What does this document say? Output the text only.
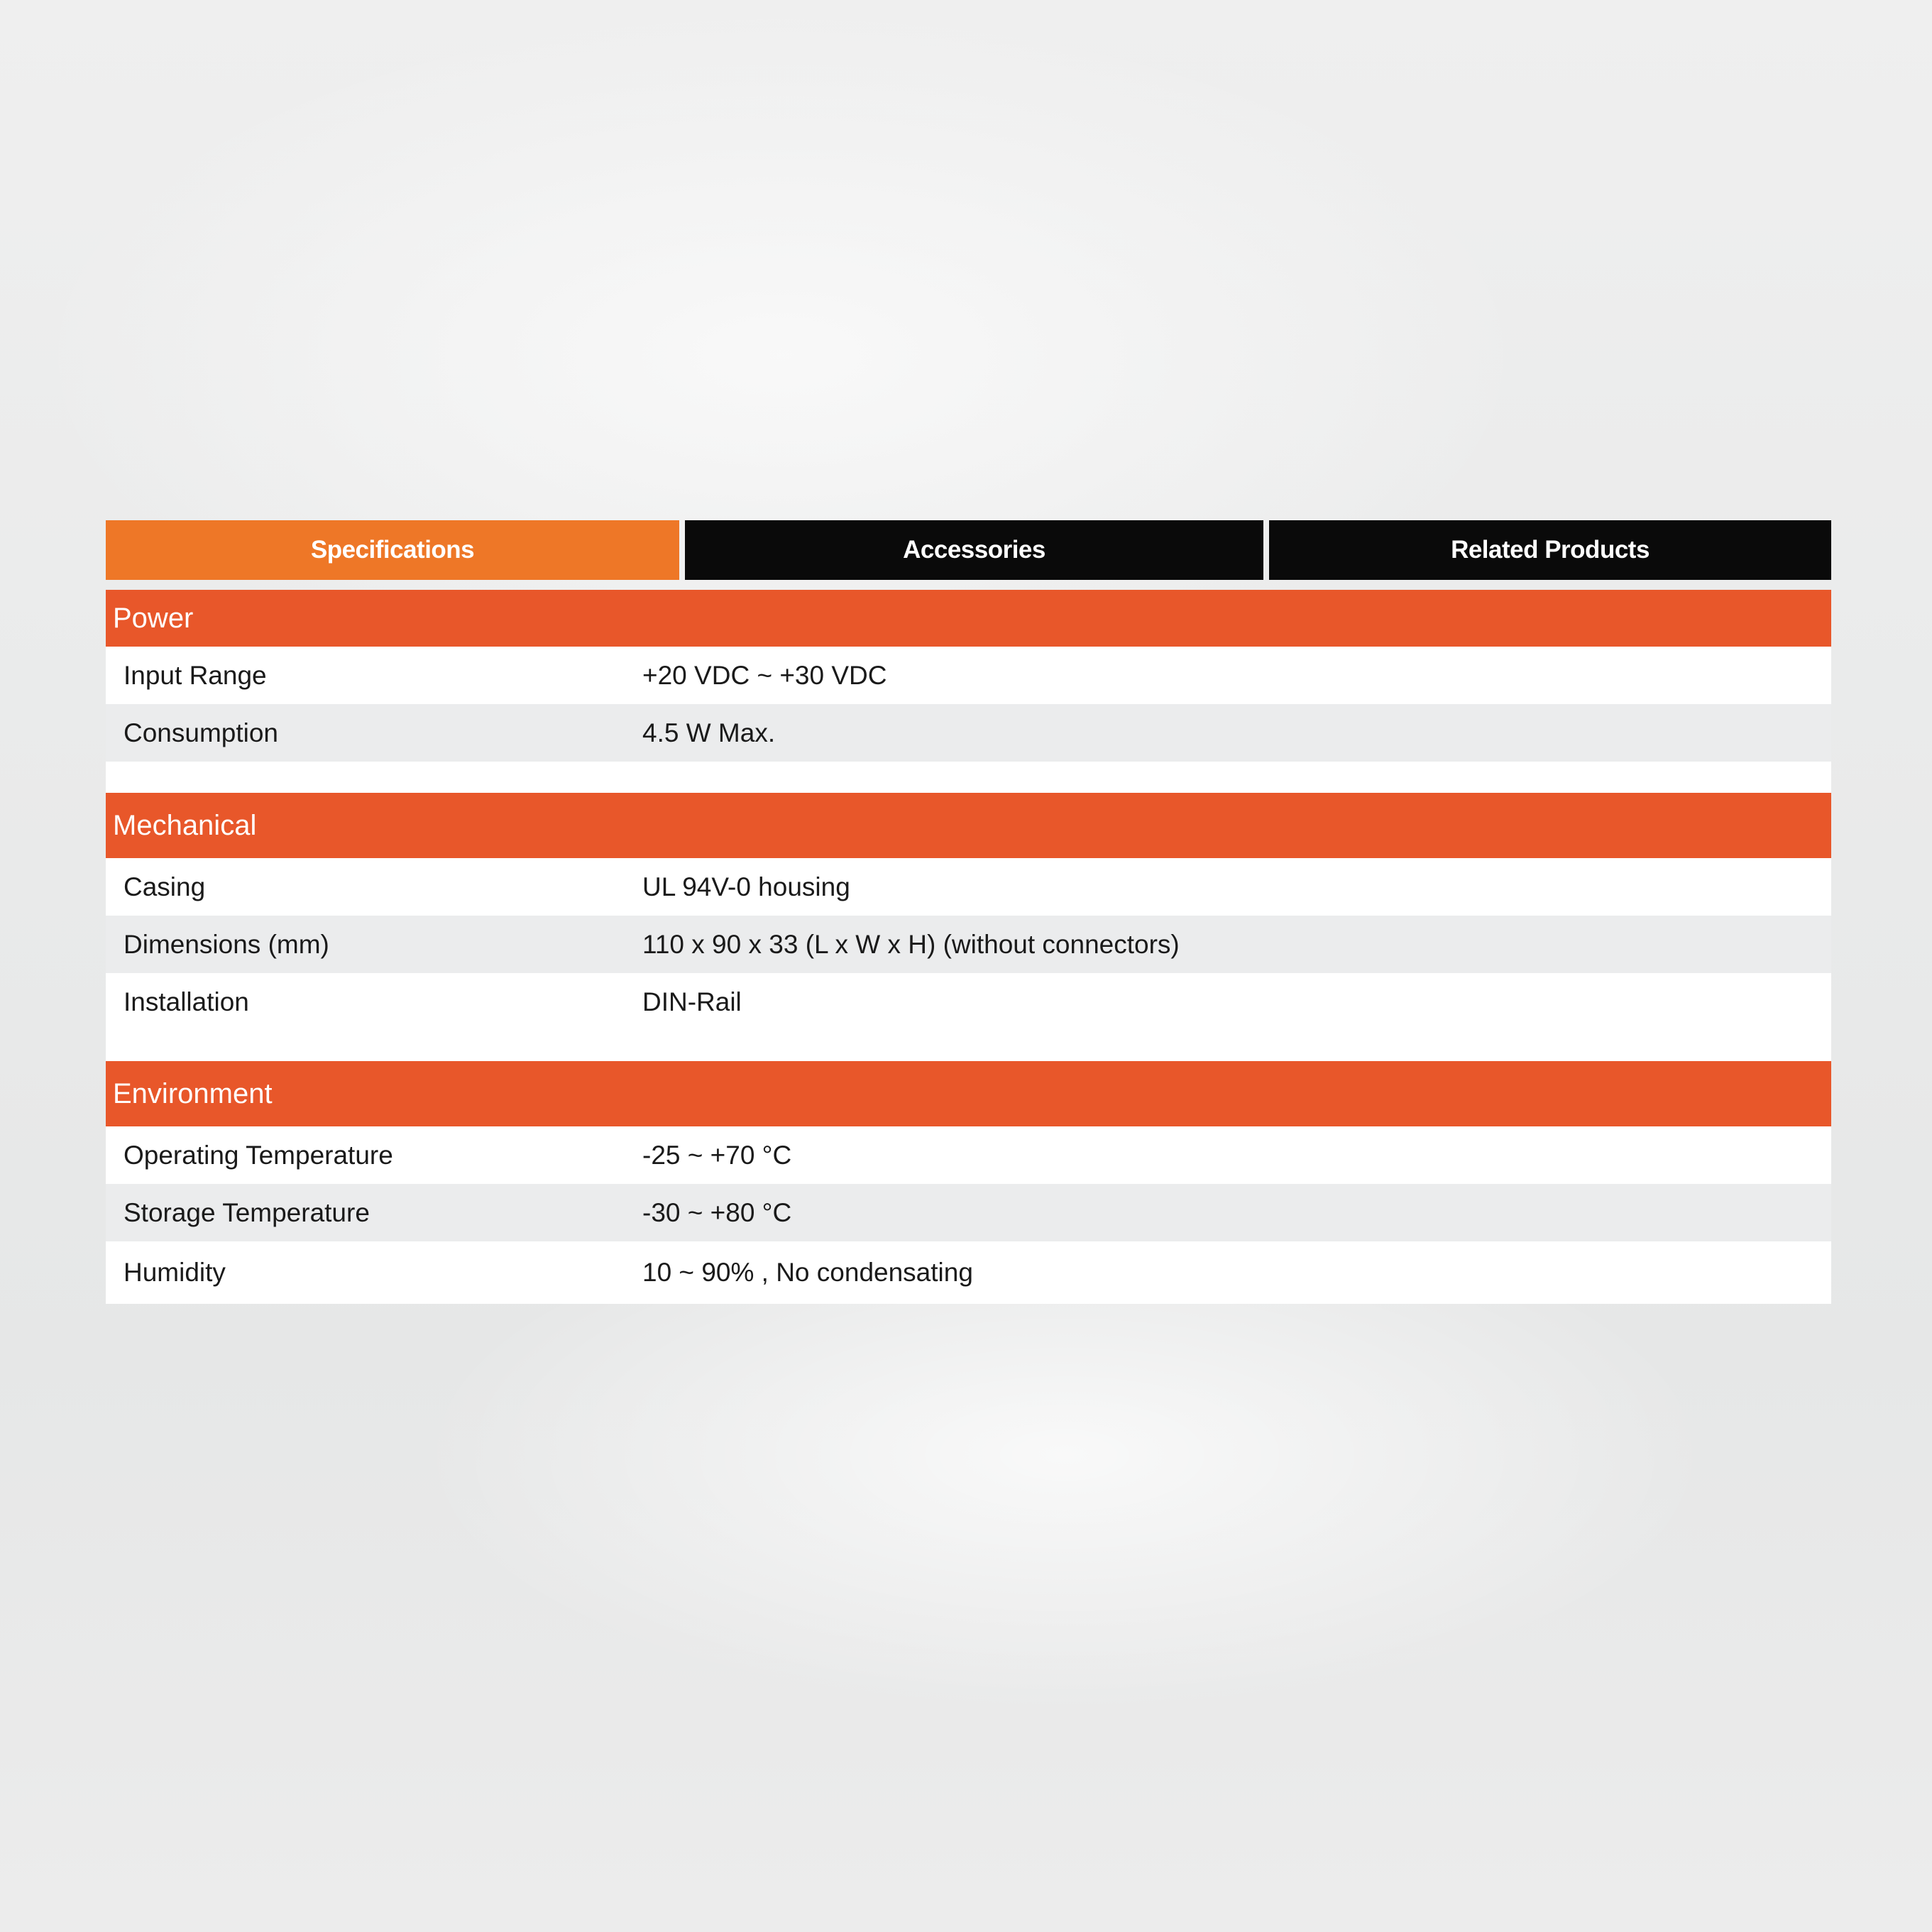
Specifications	Accessories	Related Products
Power
Input Range	+20 VDC ~ +30 VDC
Consumption	4.5 W Max.
Mechanical
Casing	UL 94V-0 housing
Dimensions (mm)	110 x 90 x 33 (L x W x H) (without connectors)
Installation	DIN-Rail
Environment
Operating Temperature	-25 ~ +70 °C
Storage Temperature	-30 ~ +80 °C
Humidity	10 ~ 90% , No condensating
